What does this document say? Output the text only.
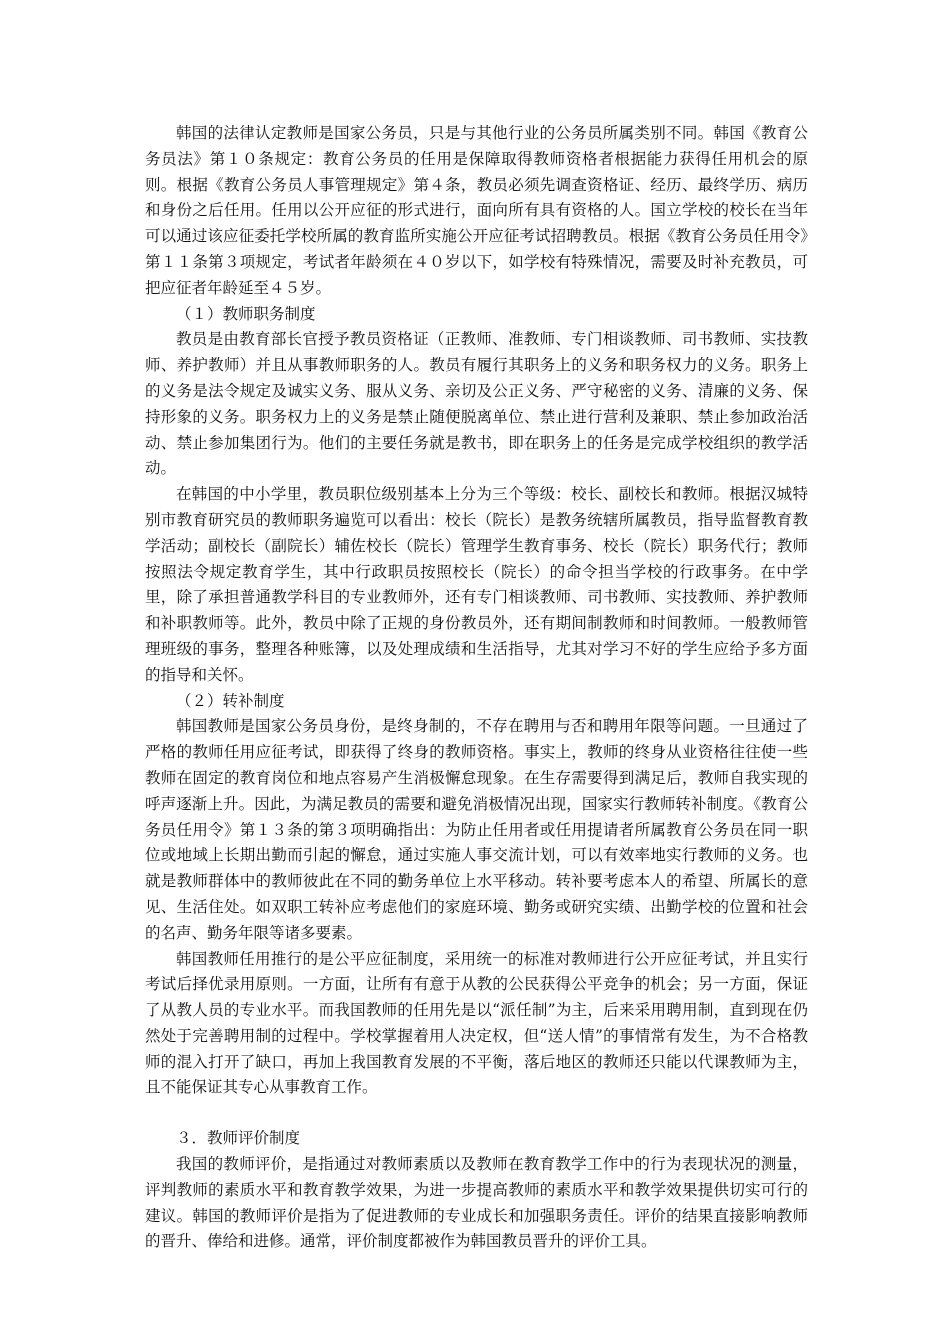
韩国的法律认定教师是国家公务员，只是与其他行业的公务员所属类别不同。韩国《教育公务员法》第１０条规定：教育公务员的任用是保障取得教师资格者根据能力获得任用机会的原则。根据《教育公务员人事管理规定》第４条，教员必须先调查资格证、经历、最终学历、病历和身份之后任用。任用以公开应征的形式进行，面向所有具有资格的人。国立学校的校长在当年可以通过该应征委托学校所属的教育监所实施公开应征考试招聘教员。根据《教育公务员任用令》第１１条第３项规定，考试者年龄须在４０岁以下，如学校有特殊情况，需要及时补充教员，可把应征者年龄延至４５岁。

（１）教师职务制度

教员是由教育部长官授予教员资格证（正教师、准教师、专门相谈教师、司书教师、实技教师、养护教师）并且从事教师职务的人。教员有履行其职务上的义务和职务权力的义务。职务上的义务是法令规定及诚实义务、服从义务、亲切及公正义务、严守秘密的义务、清廉的义务、保持形象的义务。职务权力上的义务是禁止随便脱离单位、禁止进行营利及兼职、禁止参加政治活动、禁止参加集团行为。他们的主要任务就是教书，即在职务上的任务是完成学校组织的教学活动。

在韩国的中小学里，教员职位级别基本上分为三个等级：校长、副校长和教师。根据汉城特别市教育研究员的教师职务遍览可以看出：校长（院长）是教务统辖所属教员，指导监督教育教学活动；副校长（副院长）辅佐校长（院长）管理学生教育事务、校长（院长）职务代行；教师按照法令规定教育学生，其中行政职员按照校长（院长）的命令担当学校的行政事务。在中学里，除了承担普通教学科目的专业教师外，还有专门相谈教师、司书教师、实技教师、养护教师和补职教师等。此外，教员中除了正规的身份教员外，还有期间制教师和时间教师。一般教师管理班级的事务，整理各种账簿，以及处理成绩和生活指导，尤其对学习不好的学生应给予多方面的指导和关怀。

（２）转补制度

韩国教师是国家公务员身份，是终身制的，不存在聘用与否和聘用年限等问题。一旦通过了严格的教师任用应征考试，即获得了终身的教师资格。事实上，教师的终身从业资格往往使一些教师在固定的教育岗位和地点容易产生消极懈怠现象。在生存需要得到满足后，教师自我实现的呼声逐渐上升。因此，为满足教员的需要和避免消极情况出现，国家实行教师转补制度。《教育公务员任用令》第１３条的第３项明确指出：为防止任用者或任用提请者所属教育公务员在同一职位或地域上长期出勤而引起的懈怠，通过实施人事交流计划，可以有效率地实行教师的义务。也就是教师群体中的教师彼此在不同的勤务单位上水平移动。转补要考虑本人的希望、所属长的意见、生活住处。如双职工转补应考虑他们的家庭环境、勤务或研究实绩、出勤学校的位置和社会的名声、勤务年限等诸多要素。

韩国教师任用推行的是公平应征制度，采用统一的标准对教师进行公开应征考试，并且实行考试后择优录用原则。一方面，让所有有意于从教的公民获得公平竞争的机会；另一方面，保证了从教人员的专业水平。而我国教师的任用先是以“派任制”为主，后来采用聘用制，直到现在仍然处于完善聘用制的过程中。学校掌握着用人决定权，但“送人情”的事情常有发生，为不合格教师的混入打开了缺口，再加上我国教育发展的不平衡，落后地区的教师还只能以代课教师为主，且不能保证其专心从事教育工作。

３．教师评价制度

我国的教师评价，是指通过对教师素质以及教师在教育教学工作中的行为表现状况的测量，评判教师的素质水平和教育教学效果，为进一步提高教师的素质水平和教学效果提供切实可行的建议。韩国的教师评价是指为了促进教师的专业成长和加强职务责任。评价的结果直接影响教师的晋升、俸给和进修。通常，评价制度都被作为韩国教员晋升的评价工具。
